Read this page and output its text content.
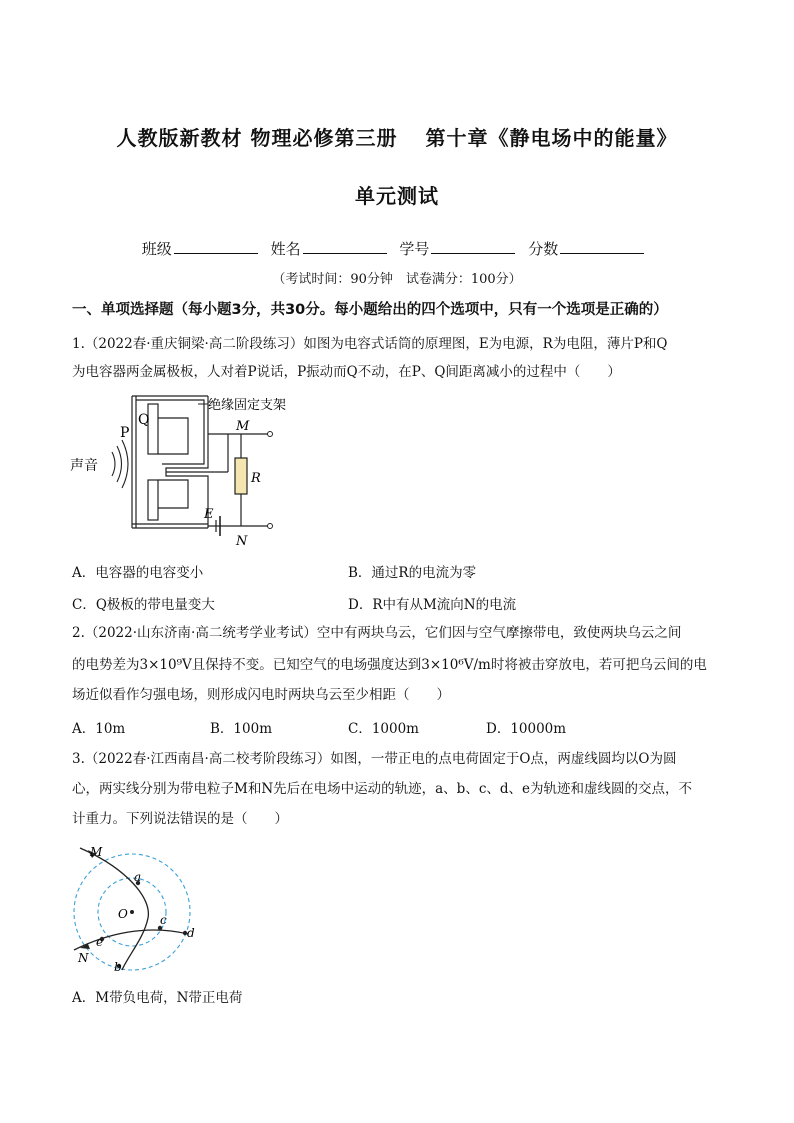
人教版新教材 物理必修第三册 第十章《静电场中的能量》
单元测试
班级	姓名	学号	分数
（考试时间：90分钟　试卷满分：100分）
一、单项选择题（每小题3分，共30分。每小题给出的四个选项中，只有一个选项是正确的）
1.（2022春·重庆铜梁·高二阶段练习）如图为电容式话筒的原理图，E为电源，R为电阻，薄片P和Q
为电容器两金属极板，人对着P说话，P振动而Q不动，在P、Q间距离减小的过程中（　　）
绝缘固定支架
P
Q	M
N
R
E
声音
A．电容器的电容变小	B．通过R的电流为零
C．Q极板的带电量变大	D．R中有从M流向N的电流
2.（2022·山东济南·高二统考学业考试）空中有两块乌云，它们因与空气摩擦带电，致使两块乌云之间
的电势差为3×10⁹V且保持不变。已知空气的电场强度达到3×10⁶V/m时将被击穿放电，若可把乌云间的电
场近似看作匀强电场，则形成闪电时两块乌云至少相距（　　）
A．10m	B．100m	C．1000m	D．10000m
3.（2022春·江西南昌·高二校考阶段练习）如图，一带正电的点电荷固定于O点，两虚线圆均以O为圆
心，两实线分别为带电粒子M和N先后在电场中运动的轨迹，a、b、c、d、e为轨迹和虚线圆的交点，不
计重力。下列说法错误的是（　　）
M
N
O
a
b
c
d
e
A．M带负电荷，N带正电荷
